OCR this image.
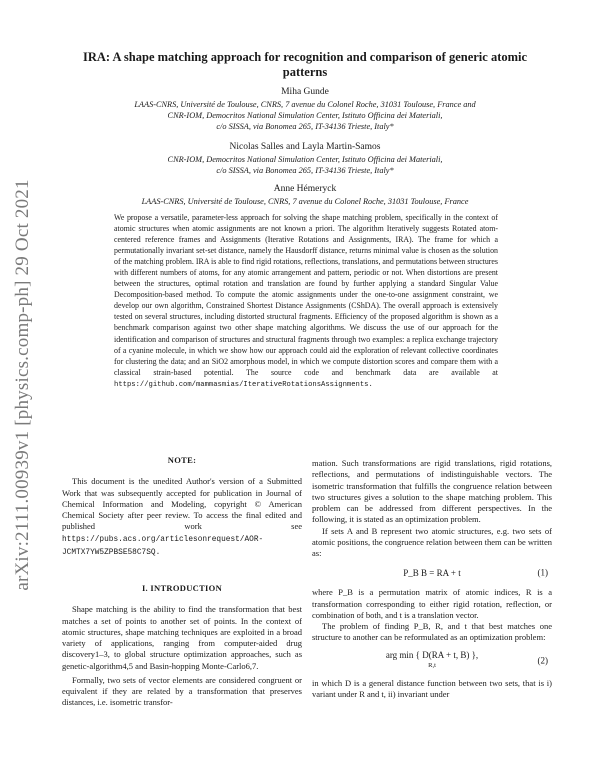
arXiv:2111.00939v1 [physics.comp-ph] 29 Oct 2021
IRA: A shape matching approach for recognition and comparison of generic atomic patterns
Miha Gunde
LAAS-CNRS, Université de Toulouse, CNRS, 7 avenue du Colonel Roche, 31031 Toulouse, France and
CNR-IOM, Democritos National Simulation Center, Istituto Officina dei Materiali,
c/o SISSA, via Bonomea 265, IT-34136 Trieste, Italy*
Nicolas Salles and Layla Martin-Samos
CNR-IOM, Democritos National Simulation Center, Istituto Officina dei Materiali,
c/o SISSA, via Bonomea 265, IT-34136 Trieste, Italy*
Anne Hémeryck
LAAS-CNRS, Université de Toulouse, CNRS, 7 avenue du Colonel Roche, 31031 Toulouse, France
We propose a versatile, parameter-less approach for solving the shape matching problem, specifically in the context of atomic structures when atomic assignments are not known a priori. The algorithm Iteratively suggests Rotated atom-centered reference frames and Assignments (Iterative Rotations and Assignments, IRA). The frame for which a permutationally invariant set-set distance, namely the Hausdorff distance, returns minimal value is chosen as the solution of the matching problem. IRA is able to find rigid rotations, reflections, translations, and permutations between structures with different numbers of atoms, for any atomic arrangement and pattern, periodic or not. When distortions are present between the structures, optimal rotation and translation are found by further applying a standard Singular Value Decomposition-based method. To compute the atomic assignments under the one-to-one assignment constraint, we develop our own algorithm, Constrained Shortest Distance Assignments (CShDA). The overall approach is extensively tested on several structures, including distorted structural fragments. Efficiency of the proposed algorithm is shown as a benchmark comparison against two other shape matching algorithms. We discuss the use of our approach for the identification and comparison of structures and structural fragments through two examples: a replica exchange trajectory of a cyanine molecule, in which we show how our approach could aid the exploration of relevant collective coordinates for clustering the data; and an SiO2 amorphous model, in which we compute distortion scores and compare them with a classical strain-based potential. The source code and benchmark data are available at https://github.com/mammasmias/IterativeRotationsAssignments.
NOTE:

This document is the unedited Author's version of a Submitted Work that was subsequently accepted for publication in Journal of Chemical Information and Modeling, copyright © American Chemical Society after peer review. To access the final edited and published work see https://pubs.acs.org/articlesonrequest/AOR-JCMTX7YW5ZPBSE58C7SQ.

I. INTRODUCTION

Shape matching is the ability to find the transformation that best matches a set of points to another set of points. In the context of atomic structures, shape matching techniques are exploited in a broad variety of applications, ranging from computer-aided drug discovery1–3, to global structure optimization approaches, such as genetic-algorithm4,5 and Basin-hopping Monte-Carlo6,7.

Formally, two sets of vector elements are considered congruent or equivalent if they are related by a transformation that preserves distances, i.e. isometric transfor-

mation. Such transformations are rigid translations, rigid rotations, reflections, and permutations of indistinguishable vectors. The isometric transformation that fulfills the congruence relation between two structures gives a solution to the shape matching problem. This problem can be addressed from different perspectives. In the following, it is stated as an optimization problem.

If sets A and B represent two atomic structures, e.g. two sets of atomic positions, the congruence relation between them can be written as:

P_B B = RA + t	(1)

where P_B is a permutation matrix of atomic indices, R is a transformation corresponding to either rigid rotation, reflection, or combination of both, and t is a translation vector.

The problem of finding P_B, R, and t that best matches one structure to another can be reformulated as an optimization problem:

arg min { D(RA + t, B) },
R,t
(2)

in which D is a general distance function between two sets, that is i) variant under R and t, ii) invariant under
